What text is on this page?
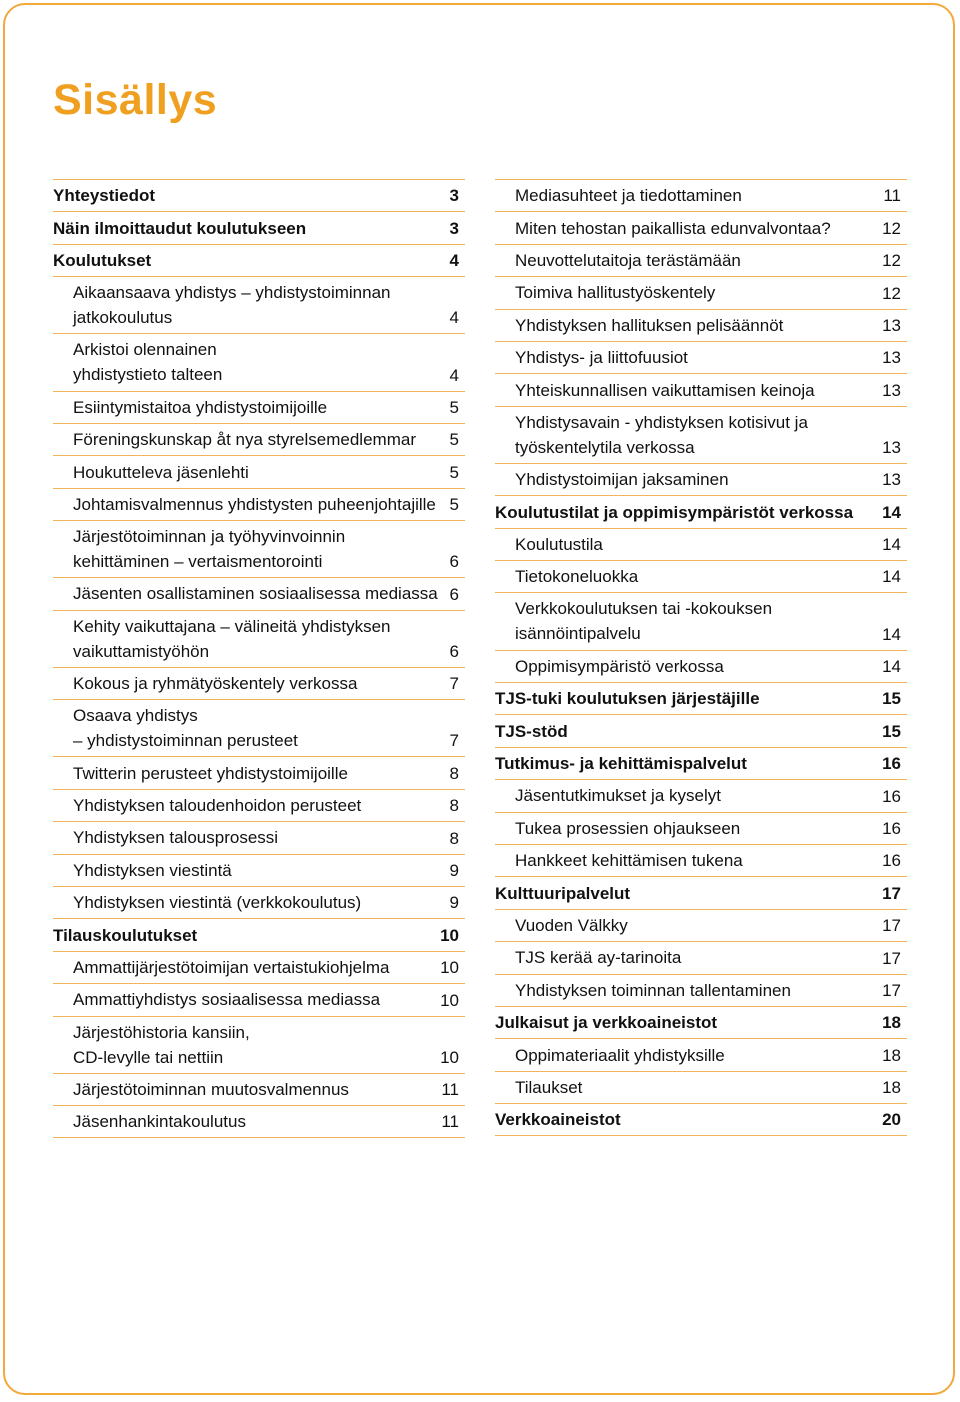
Sisällys
Yhteystiedot	3
Näin ilmoittaudut koulutukseen	3
Koulutukset	4
Aikaansaava yhdistys – yhdistystoiminnan
jatkokoulutus	4
Arkistoi olennainen
yhdistystieto talteen	4
Esiintymistaitoa yhdistystoimijoille	5
Föreningskunskap åt nya styrelsemedlemmar	5
Houkutteleva jäsenlehti	5
Johtamisvalmennus yhdistysten puheenjohtajille 5
Järjestötoiminnan ja työhyvinvoinnin
kehittäminen – vertaismentorointi	6
Jäsenten osallistaminen sosiaalisessa mediassa 6
Kehity vaikuttajana – välineitä yhdistyksen
vaikuttamistyöhön	6
Kokous ja ryhmätyöskentely verkossa	7
Osaava yhdistys
– yhdistystoiminnan perusteet	7
Twitterin perusteet yhdistystoimijoille	8
Yhdistyksen taloudenhoidon perusteet	8
Yhdistyksen talousprosessi	8
Yhdistyksen viestintä	9
Yhdistyksen viestintä (verkkokoulutus)	9
Tilauskoulutukset	10
Ammattijärjestötoimijan vertaistukiohjelma	10
Ammattiyhdistys sosiaalisessa mediassa	10
Järjestöhistoria kansiin,
CD-levylle tai nettiin	10
Järjestötoiminnan muutosvalmennus	11
Jäsenhankintakoulutus	11
Mediasuhteet ja tiedottaminen	11
Miten tehostan paikallista edunvalvontaa?	12
Neuvottelutaitoja terästämään	12
Toimiva hallitustyöskentely	12
Yhdistyksen hallituksen pelisäännöt	13
Yhdistys- ja liittofuusiot	13
Yhteiskunnallisen vaikuttamisen keinoja	13
Yhdistysavain - yhdistyksen kotisivut ja
työskentelytila verkossa	13
Yhdistystoimijan jaksaminen	13
Koulutustilat ja oppimisympäristöt verkossa	14
Koulutustila	14
Tietokoneluokka	14
Verkkokoulutuksen tai -kokouksen
isännöintipalvelu	14
Oppimisympäristö verkossa	14
TJS-tuki koulutuksen järjestäjille	15
TJS-stöd	15
Tutkimus- ja kehittämispalvelut	16
Jäsentutkimukset ja kyselyt	16
Tukea prosessien ohjaukseen	16
Hankkeet kehittämisen tukena	16
Kulttuuripalvelut	17
Vuoden Välkky	17
TJS kerää ay-tarinoita	17
Yhdistyksen toiminnan tallentaminen	17
Julkaisut ja verkkoaineistot	18
Oppimateriaalit yhdistyksille	18
Tilaukset	18
Verkkoaineistot	20
